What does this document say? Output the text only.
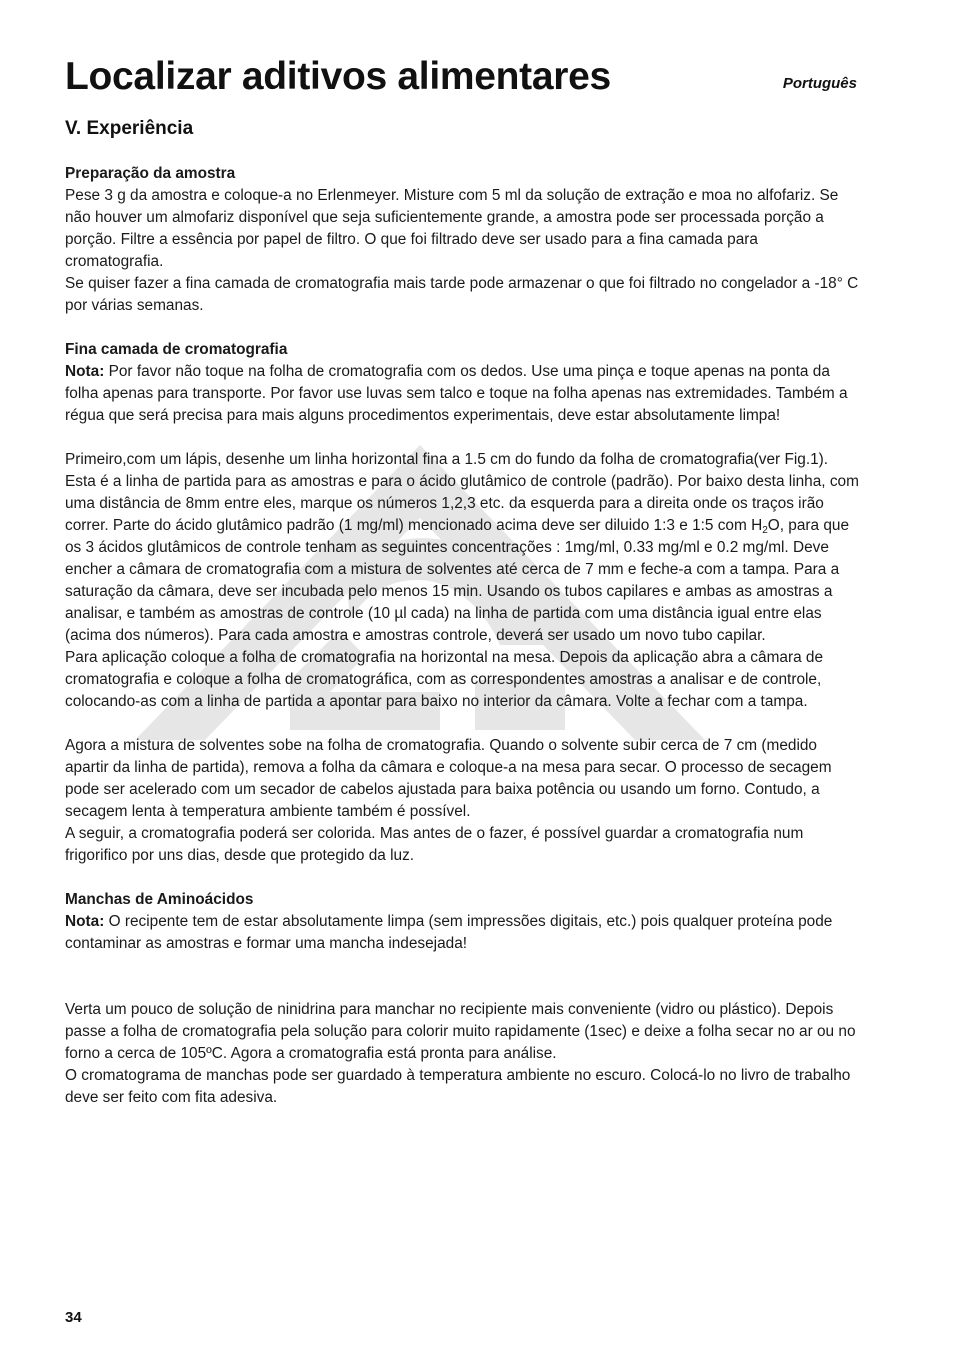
Localizar aditivos alimentares	Português
V. Experiência
Preparação da amostra

Pese 3 g da amostra e coloque-a no Erlenmeyer. Misture com 5 ml da solução de extração e moa no alfofariz. Se não houver um almofariz disponível que seja suficientemente grande, a amostra pode ser processada porção a porção. Filtre a essência por papel de filtro. O que foi filtrado deve ser usado para a fina camada para cromatografia.

Se quiser fazer a fina camada de cromatografia mais tarde pode armazenar o que foi filtrado no congelador a -18° C por várias semanas.

Fina camada de cromatografia

Nota: Por favor não toque na folha de cromatografia com os dedos. Use uma pinça e toque apenas na ponta da folha apenas para transporte. Por favor use luvas sem talco e toque na folha apenas nas extremidades. Também a régua que será precisa para mais alguns procedimentos experimentais, deve estar absolutamente limpa!

Primeiro,com um lápis, desenhe um linha horizontal fina a 1.5 cm do fundo da folha de cromatografia(ver Fig.1). Esta é a linha de partida para as amostras e para o ácido glutâmico de controle (padrão). Por baixo desta linha, com uma distância de 8mm entre eles, marque os números 1,2,3 etc. da esquerda para a direita onde os traços irão correr. Parte do ácido glutâmico padrão (1 mg/ml) mencionado acima deve ser diluido 1:3 e 1:5 com $H_2O$, para que os 3 ácidos glutâmicos de controle tenham as seguintes concentrações : 1mg/ml, 0.33 mg/ml e 0.2 mg/ml. Deve encher a câmara de cromatografia com a mistura de solventes até cerca de 7 mm e feche-a com a tampa. Para a saturação da câmara, deve ser incubada pelo menos 15 min. Usando os tubos capilares e ambas as amostras a analisar, e também as amostras de controle (10 µl cada) na linha de partida com uma distância igual entre elas (acima dos números). Para cada amostra e amostras controle, deverá ser usado um novo tubo capilar.

Para aplicação coloque a folha de cromatografia na horizontal na mesa. Depois da aplicação abra a câmara de cromatografia e coloque a folha de cromatográfica, com as correspondentes amostras a analisar e de controle, colocando-as com a linha de partida a apontar para baixo no interior da câmara. Volte a fechar com a tampa.

Agora a mistura de solventes sobe na folha de cromatografia. Quando o solvente subir cerca de 7 cm (medido apartir da linha de partida), remova a folha da câmara e coloque-a na mesa para secar. O processo de secagem pode ser acelerado com um secador de cabelos ajustada para baixa potência ou usando um forno. Contudo, a secagem lenta à temperatura ambiente também é possível.

A seguir, a cromatografia poderá ser colorida. Mas antes de o fazer, é possível guardar a cromatografia num frigorifico por uns dias, desde que protegido da luz.

Manchas de Aminoácidos

Nota: O recipente tem de estar absolutamente limpa (sem impressões digitais, etc.) pois qualquer proteína pode contaminar as amostras e formar uma mancha indesejada!

Verta um pouco de solução de ninidrina para manchar no recipiente mais conveniente (vidro ou plástico). Depois passe a folha de cromatografia pela solução para colorir muito rapidamente (1sec) e deixe a folha secar no ar ou no forno a cerca de 105ºC. Agora a cromatografia está pronta para análise.

O cromatograma de manchas pode ser guardado à temperatura ambiente no escuro. Colocá-lo no livro de trabalho deve ser feito com fita adesiva.

34
